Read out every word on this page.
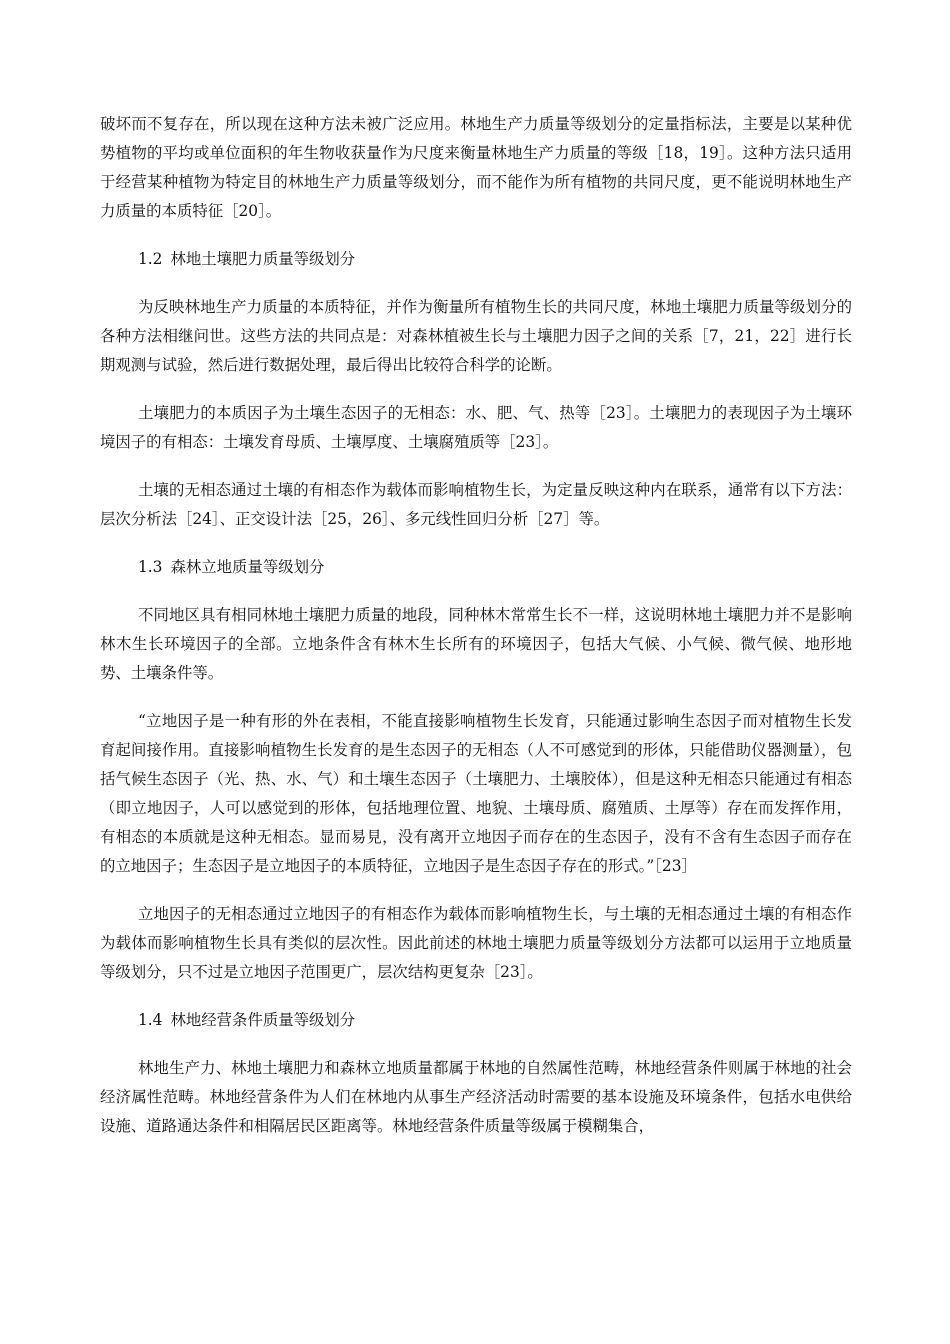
破坏而不复存在，所以现在这种方法未被广泛应用。林地生产力质量等级划分的定量指标法，主要是以某种优势植物的平均或单位面积的年生物收获量作为尺度来衡量林地生产力质量的等级［18，19］。这种方法只适用于经营某种植物为特定目的林地生产力质量等级划分，而不能作为所有植物的共同尺度，更不能说明林地生产力质量的本质特征［20］。

1.2 林地土壤肥力质量等级划分

为反映林地生产力质量的本质特征，并作为衡量所有植物生长的共同尺度，林地土壤肥力质量等级划分的各种方法相继问世。这些方法的共同点是：对森林植被生长与土壤肥力因子之间的关系［7，21，22］进行长期观测与试验，然后进行数据处理，最后得出比较符合科学的论断。

土壤肥力的本质因子为土壤生态因子的无相态：水、肥、气、热等［23］。土壤肥力的表现因子为土壤环境因子的有相态：土壤发育母质、土壤厚度、土壤腐殖质等［23］。

土壤的无相态通过土壤的有相态作为载体而影响植物生长，为定量反映这种内在联系，通常有以下方法：层次分析法［24］、正交设计法［25，26］、多元线性回归分析［27］等。

1.3 森林立地质量等级划分

不同地区具有相同林地土壤肥力质量的地段，同种林木常常生长不一样，这说明林地土壤肥力并不是影响林木生长环境因子的全部。立地条件含有林木生长所有的环境因子，包括大气候、小气候、微气候、地形地势、土壤条件等。

“立地因子是一种有形的外在表相，不能直接影响植物生长发育，只能通过影响生态因子而对植物生长发育起间接作用。直接影响植物生长发育的是生态因子的无相态（人不可感觉到的形体，只能借助仪器测量），包括气候生态因子（光、热、水、气）和土壤生态因子（土壤肥力、土壤胶体），但是这种无相态只能通过有相态（即立地因子，人可以感觉到的形体，包括地理位置、地貌、土壤母质、腐殖质、土厚等）存在而发挥作用，有相态的本质就是这种无相态。显而易見，没有离开立地因子而存在的生态因子，没有不含有生态因子而存在的立地因子；生态因子是立地因子的本质特征，立地因子是生态因子存在的形式。”［23］

立地因子的无相态通过立地因子的有相态作为载体而影响植物生长，与土壤的无相态通过土壤的有相态作为载体而影响植物生长具有类似的层次性。因此前述的林地土壤肥力质量等级划分方法都可以运用于立地质量等级划分，只不过是立地因子范围更广，层次结构更复杂［23］。

1.4 林地经营条件质量等级划分

林地生产力、林地土壤肥力和森林立地质量都属于林地的自然属性范畴，林地经营条件则属于林地的社会经济属性范畴。林地经营条件为人们在林地内从事生产经济活动时需要的基本设施及环境条件，包括水电供给设施、道路通达条件和相隔居民区距离等。林地经营条件质量等级属于模糊集合，
